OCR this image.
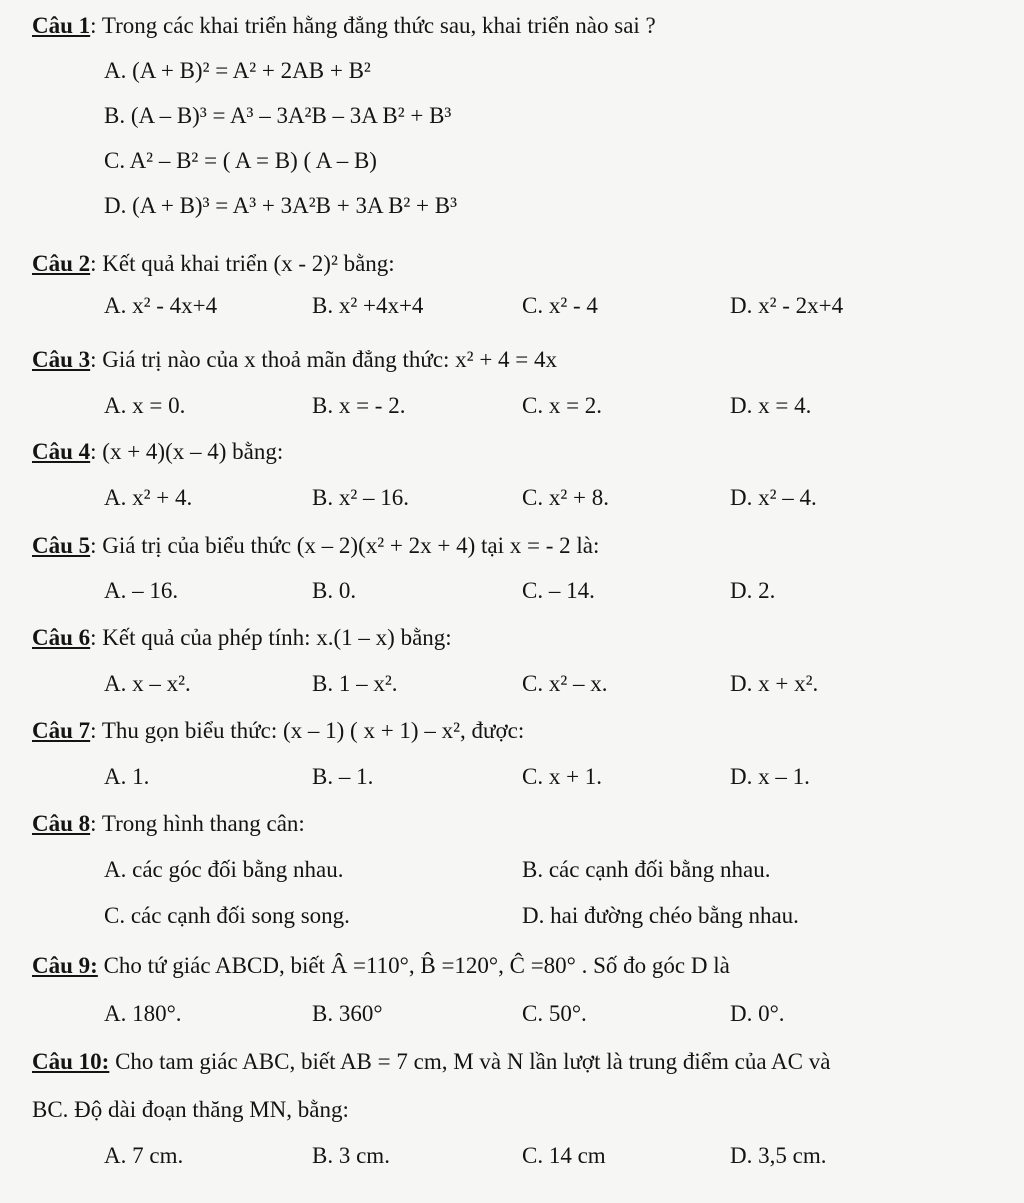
Câu 1: Trong các khai triển hằng đẳng thức sau, khai triển nào sai ?
A. (A + B)² = A² + 2AB + B²
B. (A – B)³ = A³ – 3A²B – 3A B² + B³
C. A² – B² = ( A = B) ( A – B)
D. (A + B)³ = A³ + 3A²B + 3A B² + B³
Câu 2: Kết quả khai triển (x - 2)² bằng:
A. x² - 4x+4	B. x² +4x+4	C. x² - 4	D. x² - 2x+4
Câu 3: Giá trị nào của x thoả mãn đẳng thức: x² + 4 = 4x
A. x = 0.	B. x = - 2.	C. x = 2.	D. x = 4.
Câu 4: (x + 4)(x – 4) bằng:
A. x² + 4.	B. x² – 16.	C. x² + 8.	D. x² – 4.
Câu 5: Giá trị của biểu thức (x – 2)(x² + 2x + 4) tại x = - 2 là:
A. – 16.	B. 0.	C. – 14.	D. 2.
Câu 6: Kết quả của phép tính: x.(1 – x) bằng:
A. x – x².	B. 1 – x².	C. x² – x.	D. x + x².
Câu 7: Thu gọn biểu thức: (x – 1) ( x + 1) – x², được:
A. 1.	B. – 1.	C. x + 1.	D. x – 1.
Câu 8: Trong hình thang cân:
A. các góc đối bằng nhau.	B. các cạnh đối bằng nhau.
C. các cạnh đối song song.	D. hai đường chéo bằng nhau.
Câu 9: Cho tứ giác ABCD, biết Â =110°, B̂ =120°, Ĉ =80° . Số đo góc D là
A. 180°.	B. 360°	C. 50°.	D. 0°.
Câu 10: Cho tam giác ABC, biết AB = 7 cm, M và N lần lượt là trung điểm của AC và
BC. Độ dài đoạn thăng MN, bằng:
A. 7 cm.	B. 3 cm.	C. 14 cm	D. 3,5 cm.
